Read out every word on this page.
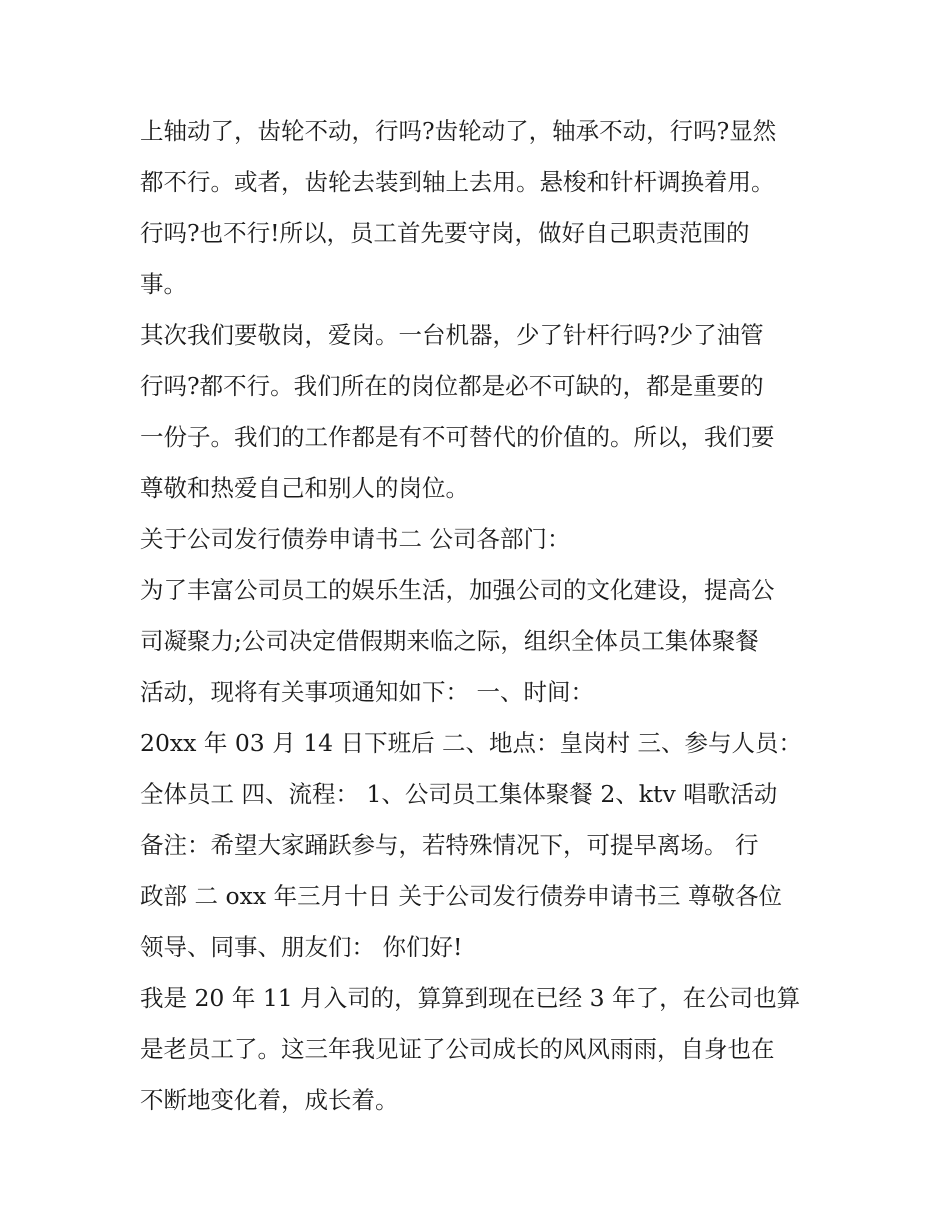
上轴动了，齿轮不动，行吗?齿轮动了，轴承不动，行吗?显然
都不行。或者，齿轮去装到轴上去用。悬梭和针杆调换着用。
行吗?也不行!所以，员工首先要守岗，做好自己职责范围的
事。
其次我们要敬岗，爱岗。一台机器，少了针杆行吗?少了油管
行吗?都不行。我们所在的岗位都是必不可缺的，都是重要的
一份子。我们的工作都是有不可替代的价值的。所以，我们要
尊敬和热爱自己和别人的岗位。
关于公司发行债券申请书二 公司各部门：
为了丰富公司员工的娱乐生活，加强公司的文化建设，提高公
司凝聚力;公司决定借假期来临之际，组织全体员工集体聚餐
活动，现将有关事项通知如下： 一、时间：
20xx 年 03 月 14 日下班后 二、地点：皇岗村 三、参与人员：
全体员工 四、流程： 1、公司员工集体聚餐 2、ktv 唱歌活动
备注：希望大家踊跃参与，若特殊情况下，可提早离场。 行
政部 二 oxx 年三月十日 关于公司发行债券申请书三 尊敬各位
领导、同事、朋友们： 你们好!
我是 20 年 11 月入司的，算算到现在已经 3 年了，在公司也算
是老员工了。这三年我见证了公司成长的风风雨雨，自身也在
不断地变化着，成长着。
